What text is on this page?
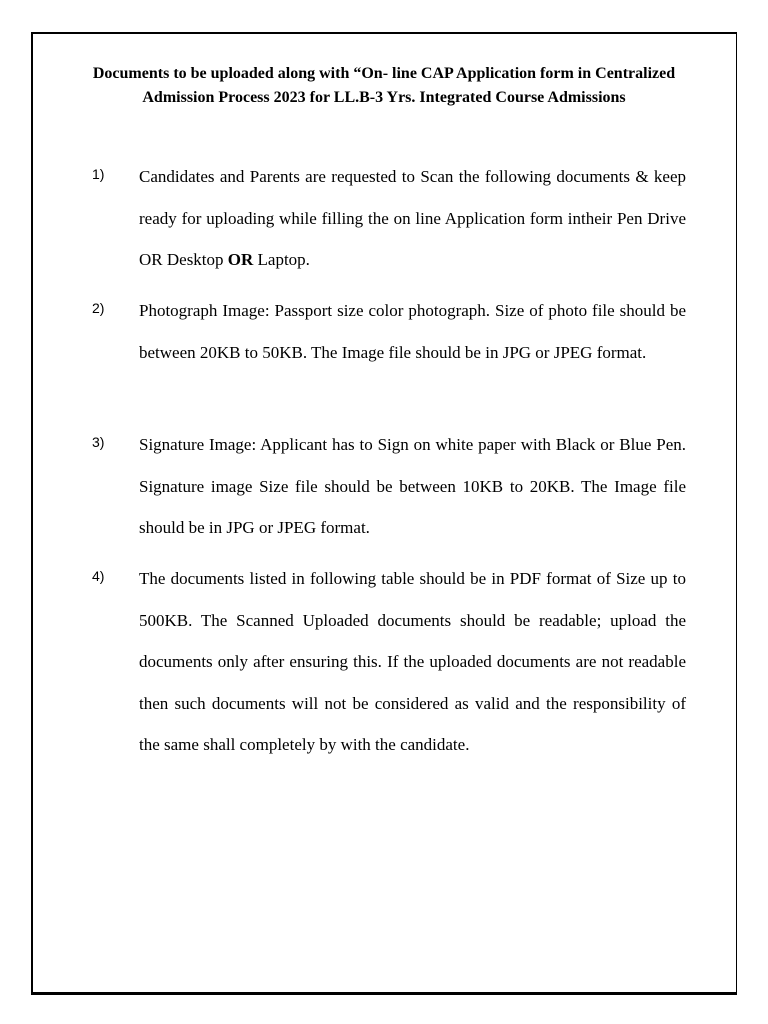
Documents to be uploaded along with “On- line CAP Application form in Centralized Admission Process 2023 for LL.B-3 Yrs. Integrated Course Admissions
1) Candidates and Parents are requested to Scan the following documents & keep ready for uploading while filling the on line Application form intheir Pen Drive OR Desktop OR Laptop.
2) Photograph Image: Passport size color photograph. Size of photo file should be between 20KB to 50KB. The Image file should be in JPG or JPEG format.
3) Signature Image: Applicant has to Sign on white paper with Black or Blue Pen. Signature image Size file should be between 10KB to 20KB. The Image file should be in JPG or JPEG format.
4) The documents listed in following table should be in PDF format of Size up to 500KB. The Scanned Uploaded documents should be readable; upload the documents only after ensuring this. If the uploaded documents are not readable then such documents will not be considered as valid and the responsibility of the same shall completely by with the candidate.
